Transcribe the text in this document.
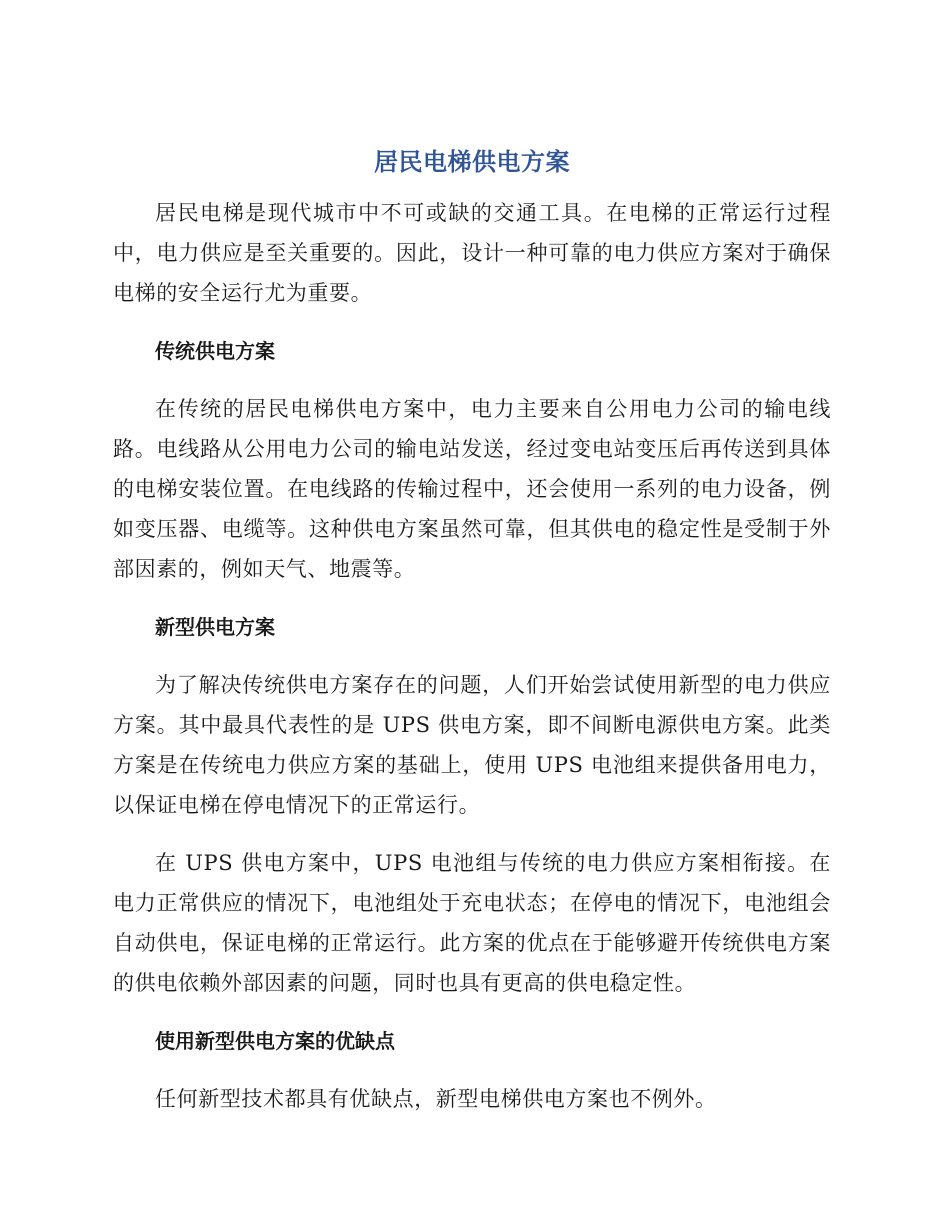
居民电梯供电方案

居民电梯是现代城市中不可或缺的交通工具。在电梯的正常运行过程中，电力供应是至关重要的。因此，设计一种可靠的电力供应方案对于确保电梯的安全运行尤为重要。

传统供电方案

在传统的居民电梯供电方案中，电力主要来自公用电力公司的输电线路。电线路从公用电力公司的输电站发送，经过变电站变压后再传送到具体的电梯安装位置。在电线路的传输过程中，还会使用一系列的电力设备，例如变压器、电缆等。这种供电方案虽然可靠，但其供电的稳定性是受制于外部因素的，例如天气、地震等。

新型供电方案

为了解决传统供电方案存在的问题，人们开始尝试使用新型的电力供应方案。其中最具代表性的是 UPS 供电方案，即不间断电源供电方案。此类方案是在传统电力供应方案的基础上，使用 UPS 电池组来提供备用电力，以保证电梯在停电情况下的正常运行。

在 UPS 供电方案中，UPS 电池组与传统的电力供应方案相衔接。在电力正常供应的情况下，电池组处于充电状态；在停电的情况下，电池组会自动供电，保证电梯的正常运行。此方案的优点在于能够避开传统供电方案的供电依赖外部因素的问题，同时也具有更高的供电稳定性。

使用新型供电方案的优缺点

任何新型技术都具有优缺点，新型电梯供电方案也不例外。
